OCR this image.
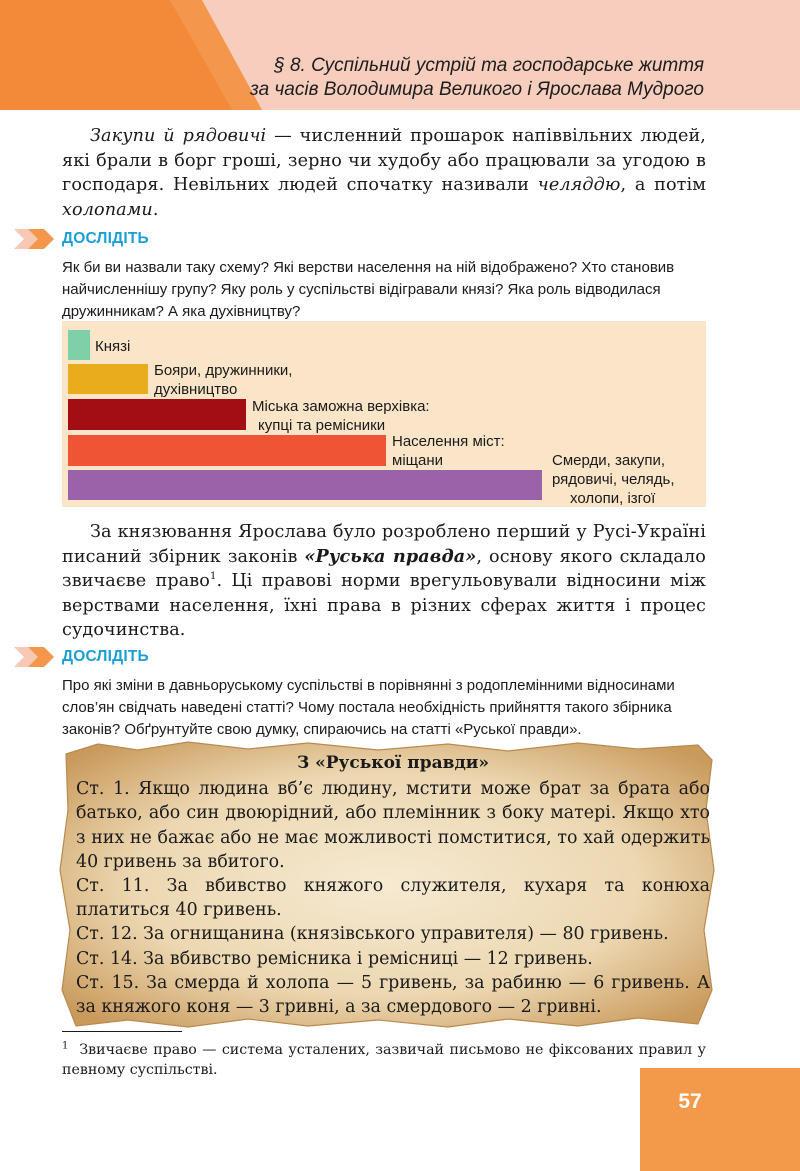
§ 8. Суспільний устрій та господарське життя
за часів Володимира Великого і Ярослава Мудрого

Закупи й рядовичі — численний прошарок напіввільних людей, які брали в борг гроші, зерно чи худобу або працювали за угодою в господаря. Невільних людей спочатку називали челяддю, а потім холопами.

ДОСЛІДІТЬ
Як би ви назвали таку схему? Які верстви населення на ній відображено? Хто становив найчисленнішу групу? Яку роль у суспільстві відігравали князі? Яка роль відводилася дружинникам? А яка духівництву?
Князі
Бояри, дружинники,
духівництво
Міська заможна верхівка:
купці та ремісники
Населення міст:
міщани	Смерди, закупи,
рядовичі, челядь,
холопи, ізгої

За князювання Ярослава було розроблено перший у Русі-Україні писаний збірник законів «Руська правда», основу якого складало звичаєве право$^1$. Ці правові норми врегульовували відносини між верствами населення, їхні права в різних сферах життя і процес судочинства.

ДОСЛІДІТЬ
Про які зміни в давньоруському суспільстві в порівнянні з родоплемінними відносинами слов’ян свідчать наведені статті? Чому постала необхідність прийняття такого збірника законів? Обґрунтуйте свою думку, спираючись на статті «Руської правди».
З «Руської правди»

Ст. 1. Якщо людина вб’є людину, мстити може брат за брата або батько, або син двоюрідний, або племінник з боку матері. Якщо хто з них не бажає або не має можливості помститися, то хай одержить 40 гривень за вбитого.

Ст. 11. За вбивство княжого служителя, кухаря та конюха платиться 40 гривень.

Ст. 12. За огнищанина (князівського управителя) — 80 гривень.

Ст. 14. За вбивство ремісника і ремісниці — 12 гривень.

Ст. 15. За смерда й холопа — 5 гривень, за рабиню — 6 гривень. А за княжого коня — 3 гривні, а за смердового — 2 гривні.

$^1$ Звичаєве право — система усталених, зазвичай письмово не фіксованих правил у певному суспільстві.
57
